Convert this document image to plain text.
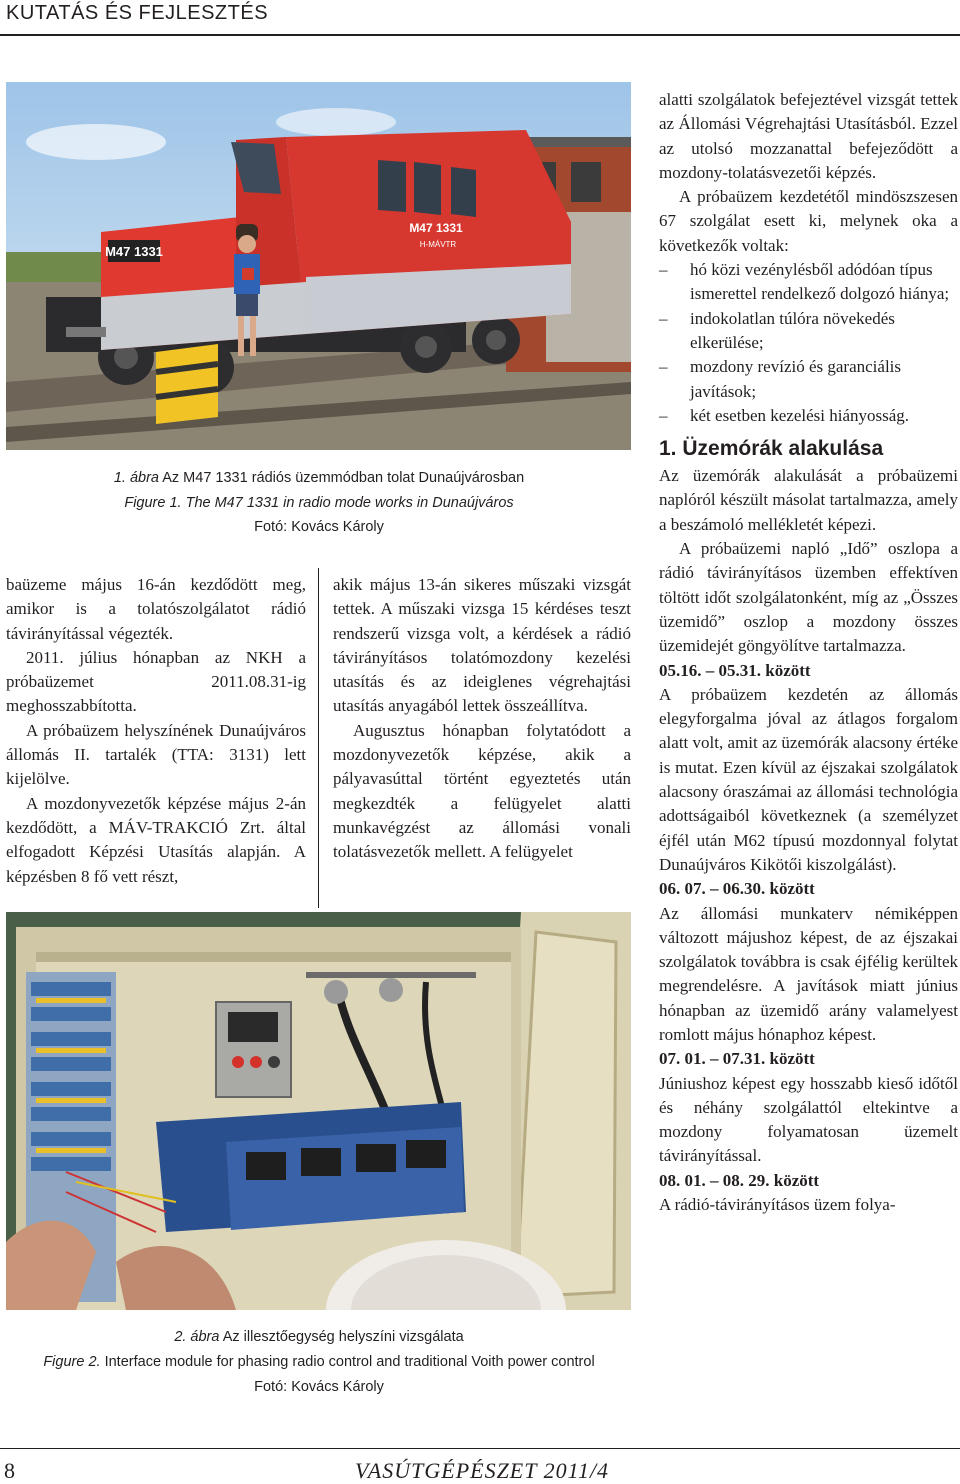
KUTATÁS ÉS FEJLESZTÉS
M47 1331
M47 1331
H-MÁVTR
1. ábra Az M47 1331 rádiós üzemmódban tolat Dunaújvárosban
Figure 1. The M47 1331 in radio mode works in Dunaújváros
Fotó: Kovács Károly

baüzeme május 16-án kezdődött meg, amikor is a tolatószolgálatot rádió távirányítással végezték.

2011. július hónapban az NKH a próbaüzemet 2011.08.31-ig meghosszabbította.

A próbaüzem helyszínének Dunaújváros állomás II. tartalék (TTA: 3131) lett kijelölve.

A mozdonyvezetők képzése május 2-án kezdődött, a MÁV-TRAKCIÓ Zrt. által elfogadott Képzési Utasítás alapján. A képzésben 8 fő vett részt,

akik május 13-án sikeres műszaki vizsgát tettek. A műszaki vizsga 15 kérdéses teszt rendszerű vizsga volt, a kérdések a rádió távirányításos tolatómozdony kezelési utasítás és az ideiglenes végrehajtási utasítás anyagából lettek összeállítva.

Augusztus hónapban folytatódott a mozdonyvezetők képzése, akik a pályavasúttal történt egyeztetés után megkezdték a felügyelet alatti munkavégzést az állomási vonali tolatásvezetők mellett. A felügyelet

2. ábra Az illesztőegység helyszíni vizsgálata
Figure 2. Interface module for phasing radio control and traditional Voith power control
Fotó: Kovács Károly

alatti szolgálatok befejeztével vizsgát tettek az Állomási Végrehajtási Utasításból. Ezzel az utolsó mozzanattal befejeződött a mozdony-tolatásvezetői képzés.

A próbaüzem kezdetétől mindöszszesen 67 szolgálat esett ki, melynek oka a következők voltak:

– hó közi vezénylésből adódóan típus ismerettel rendelkező dolgozó hiánya;
– indokolatlan túlóra növekedés elkerülése;
– mozdony revízió és garanciális javítások;
– két esetben kezelési hiányosság.
1. Üzemórák alakulása

Az üzemórák alakulását a próbaüzemi naplóról készült másolat tartalmazza, amely a beszámoló mellékletét képezi.

A próbaüzemi napló „Idő” oszlopa a rádió távirányításos üzemben effektíven töltött időt szolgálatonként, míg az „Összes üzemidő” oszlop a mozdony összes üzemidejét göngyölítve tartalmazza.

05.16. – 05.31. között

A próbaüzem kezdetén az állomás elegyforgalma jóval az átlagos forgalom alatt volt, amit az üzemórák alacsony értéke is mutat. Ezen kívül az éjszakai szolgálatok alacsony óraszámai az állomási technológia adottságaiból következnek (a személyzet éjfél után M62 típusú mozdonnyal folytat Dunaújváros Kikötői kiszolgálást).

06. 07. – 06.30. között

Az állomási munkaterv némiképpen változott májushoz képest, de az éjszakai szolgálatok továbbra is csak éjfélig kerültek megrendelésre. A javítások miatt június hónapban az üzemidő arány valamelyest romlott május hónaphoz képest.

07. 01. – 07.31. között

Júniushoz képest egy hosszabb kieső időtől és néhány szolgálattól eltekintve a mozdony folyamatosan üzemelt távirányítással.

08. 01. – 08. 29. között

A rádió-távirányításos üzem folya-

8	VASÚTGÉPÉSZET 2011/4
